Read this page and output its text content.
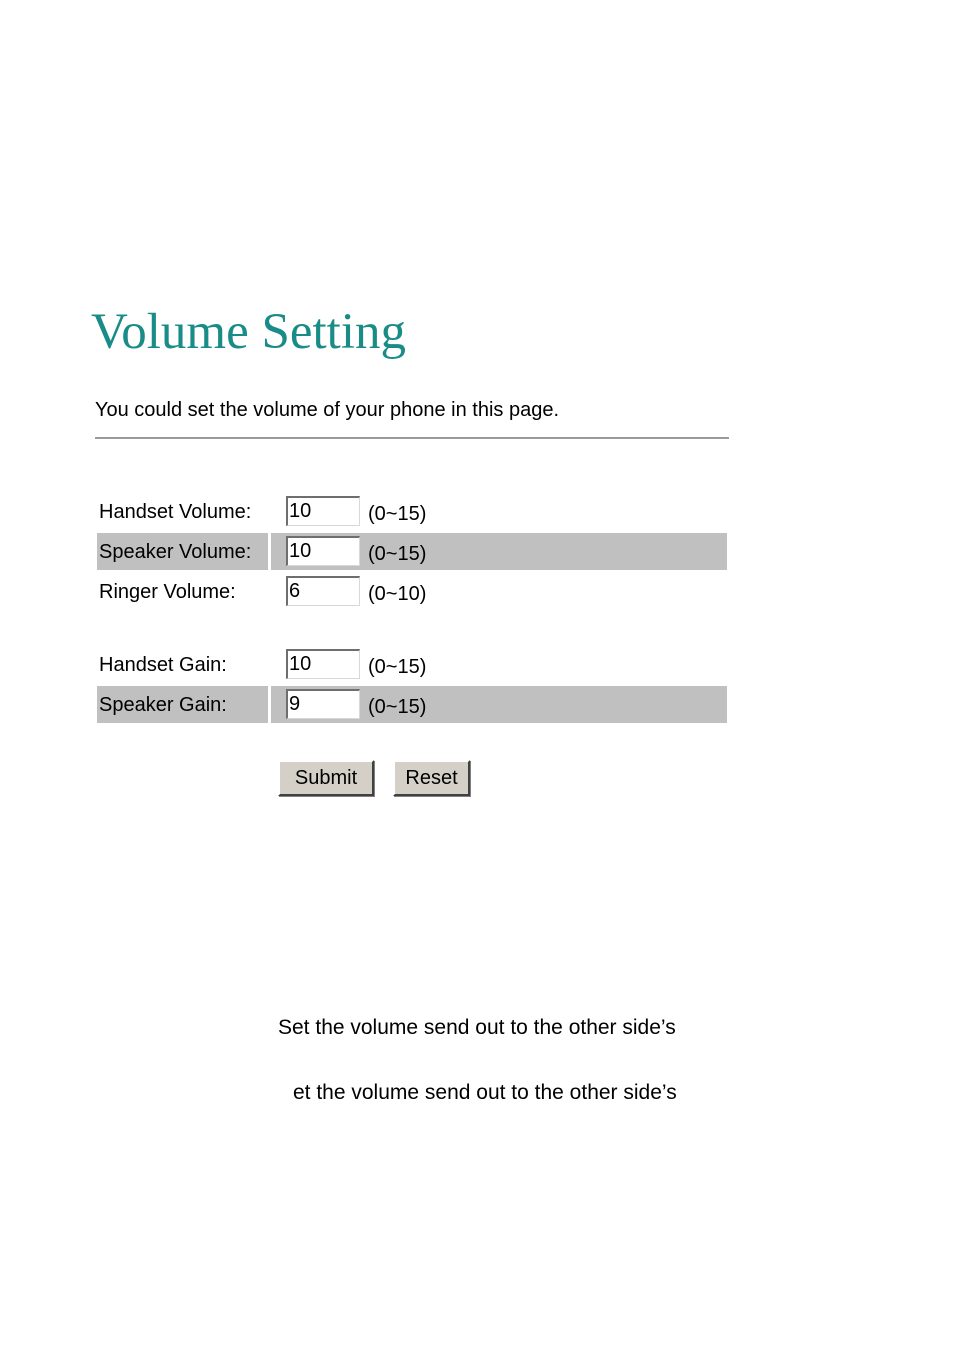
Volume Setting
You could set the volume of your phone in this page.
Handset Volume:
10	(0~15)
Speaker Volume:
10	(0~15)
Ringer Volume:
6	(0~10)
Handset Gain:
10	(0~15)
Speaker Gain:
9	(0~15)
Submit	Reset
Set the volume send out to the other side’s
et the volume send out to the other side’s
